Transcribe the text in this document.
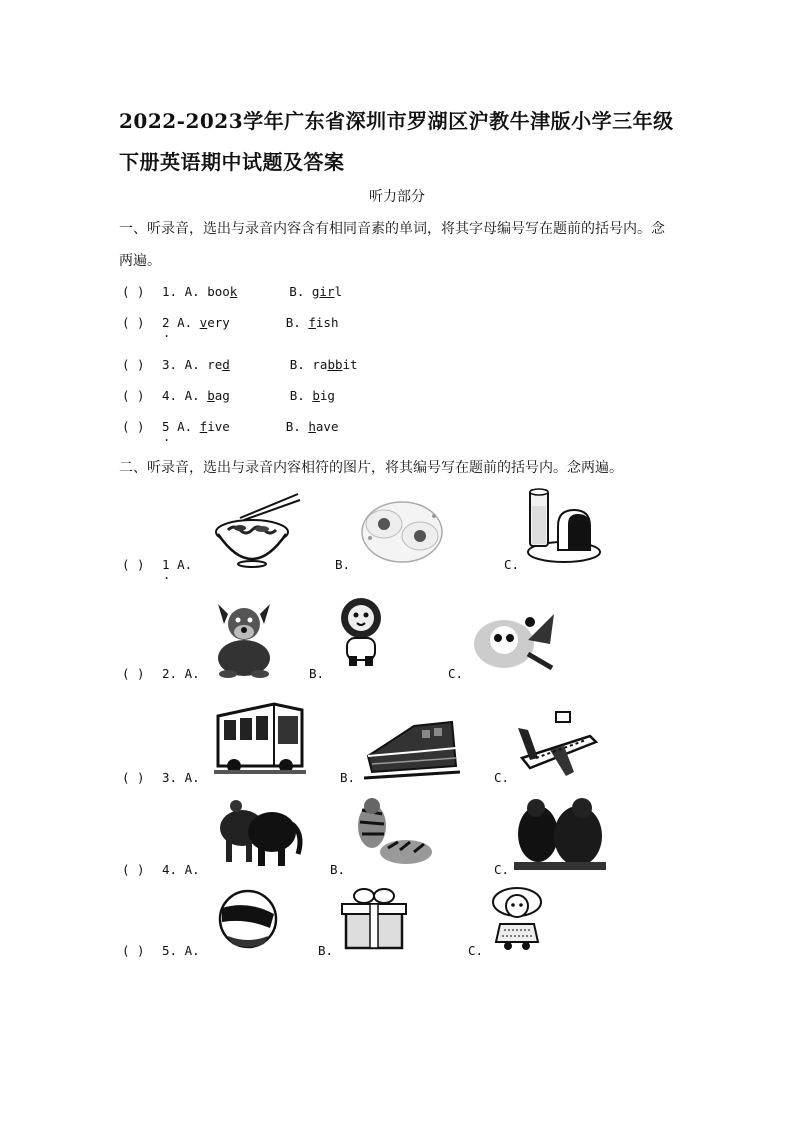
2022-2023学年广东省深圳市罗湖区沪教牛津版小学三年级
下册英语期中试题及答案
听力部分
一、听录音，选出与录音内容含有相同音素的单词，将其字母编号写在题前的括号内。念
两遍。
( ) 1. A. book	B. girl
( ) 2 . A. very	B. fish
( ) 3. A. red	B. rabbit
( ) 4. A. bag	B. big
( ) 5 . A. five	B. have
二、听录音，选出与录音内容相符的图片，将其编号写在题前的括号内。念两遍。
( ) 1 . A.	B.	C.
( ) 2. A.	B.	C.
( ) 3. A.	B.	C.
( ) 4. A.	B.	C.
( ) 5. A.	B.	C.
